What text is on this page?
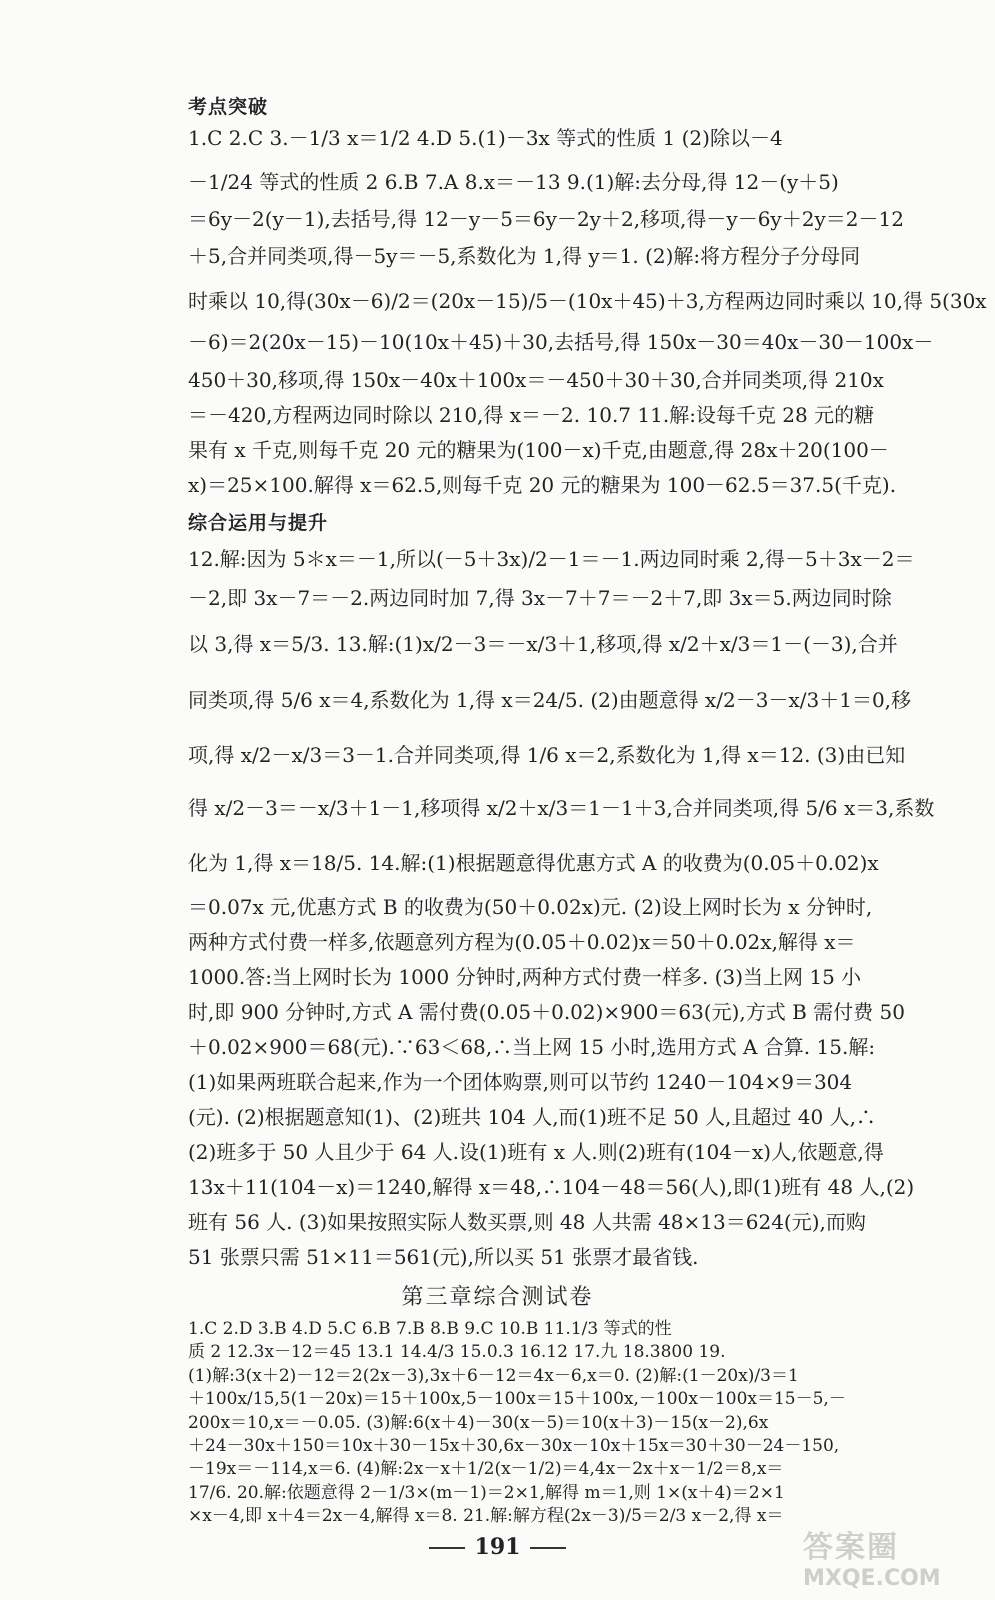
考点突破
1.C 2.C 3.－1/3 x＝1/2 4.D 5.(1)－3x 等式的性质 1 (2)除以－4
－1/24 等式的性质 2 6.B 7.A 8.x＝－13 9.(1)解:去分母,得 12－(y＋5)
＝6y－2(y－1),去括号,得 12－y－5＝6y－2y＋2,移项,得－y－6y＋2y＝2－12
＋5,合并同类项,得－5y＝－5,系数化为 1,得 y＝1. (2)解:将方程分子分母同
时乘以 10,得(30x－6)/2＝(20x－15)/5－(10x＋45)＋3,方程两边同时乘以 10,得 5(30x
－6)＝2(20x－15)－10(10x＋45)＋30,去括号,得 150x－30＝40x－30－100x－
450＋30,移项,得 150x－40x＋100x＝－450＋30＋30,合并同类项,得 210x
＝－420,方程两边同时除以 210,得 x＝－2. 10.7 11.解:设每千克 28 元的糖
果有 x 千克,则每千克 20 元的糖果为(100－x)千克,由题意,得 28x＋20(100－
x)＝25×100.解得 x＝62.5,则每千克 20 元的糖果为 100－62.5＝37.5(千克).
综合运用与提升
12.解:因为 5＊x＝－1,所以(－5＋3x)/2－1＝－1.两边同时乘 2,得－5＋3x－2＝
－2,即 3x－7＝－2.两边同时加 7,得 3x－7＋7＝－2＋7,即 3x＝5.两边同时除
以 3,得 x＝5/3. 13.解:(1)x/2－3＝－x/3＋1,移项,得 x/2＋x/3＝1－(－3),合并
同类项,得 5/6 x＝4,系数化为 1,得 x＝24/5. (2)由题意得 x/2－3－x/3＋1＝0,移
项,得 x/2－x/3＝3－1.合并同类项,得 1/6 x＝2,系数化为 1,得 x＝12. (3)由已知
得 x/2－3＝－x/3＋1－1,移项得 x/2＋x/3＝1－1＋3,合并同类项,得 5/6 x＝3,系数
化为 1,得 x＝18/5. 14.解:(1)根据题意得优惠方式 A 的收费为(0.05＋0.02)x
＝0.07x 元,优惠方式 B 的收费为(50＋0.02x)元. (2)设上网时长为 x 分钟时,
两种方式付费一样多,依题意列方程为(0.05＋0.02)x＝50＋0.02x,解得 x＝
1000.答:当上网时长为 1000 分钟时,两种方式付费一样多. (3)当上网 15 小
时,即 900 分钟时,方式 A 需付费(0.05＋0.02)×900＝63(元),方式 B 需付费 50
＋0.02×900＝68(元).∵63＜68,∴当上网 15 小时,选用方式 A 合算. 15.解:
(1)如果两班联合起来,作为一个团体购票,则可以节约 1240－104×9＝304
(元). (2)根据题意知(1)、(2)班共 104 人,而(1)班不足 50 人,且超过 40 人,∴
(2)班多于 50 人且少于 64 人.设(1)班有 x 人.则(2)班有(104－x)人,依题意,得
13x＋11(104－x)＝1240,解得 x＝48,∴104－48＝56(人),即(1)班有 48 人,(2)
班有 56 人. (3)如果按照实际人数买票,则 48 人共需 48×13＝624(元),而购
51 张票只需 51×11＝561(元),所以买 51 张票才最省钱.
第三章综合测试卷
1.C 2.D 3.B 4.D 5.C 6.B 7.B 8.B 9.C 10.B 11.1/3 等式的性
质 2 12.3x－12＝45 13.1 14.4/3 15.0.3 16.12 17.九 18.3800 19.
(1)解:3(x＋2)－12＝2(2x－3),3x＋6－12＝4x－6,x＝0. (2)解:(1－20x)/3＝1
＋100x/15,5(1－20x)＝15＋100x,5－100x＝15＋100x,－100x－100x＝15－5,－
200x＝10,x＝－0.05. (3)解:6(x＋4)－30(x－5)＝10(x＋3)－15(x－2),6x
＋24－30x＋150＝10x＋30－15x＋30,6x－30x－10x＋15x＝30＋30－24－150,
－19x＝－114,x＝6. (4)解:2x－x＋1/2(x－1/2)＝4,4x－2x＋x－1/2＝8,x＝
17/6. 20.解:依题意得 2－1/3×(m－1)＝2×1,解得 m＝1,则 1×(x＋4)＝2×1
×x－4,即 x＋4＝2x－4,解得 x＝8. 21.解:解方程(2x－3)/5＝2/3 x－2,得 x＝
191	答案圈
MXQE.COM
